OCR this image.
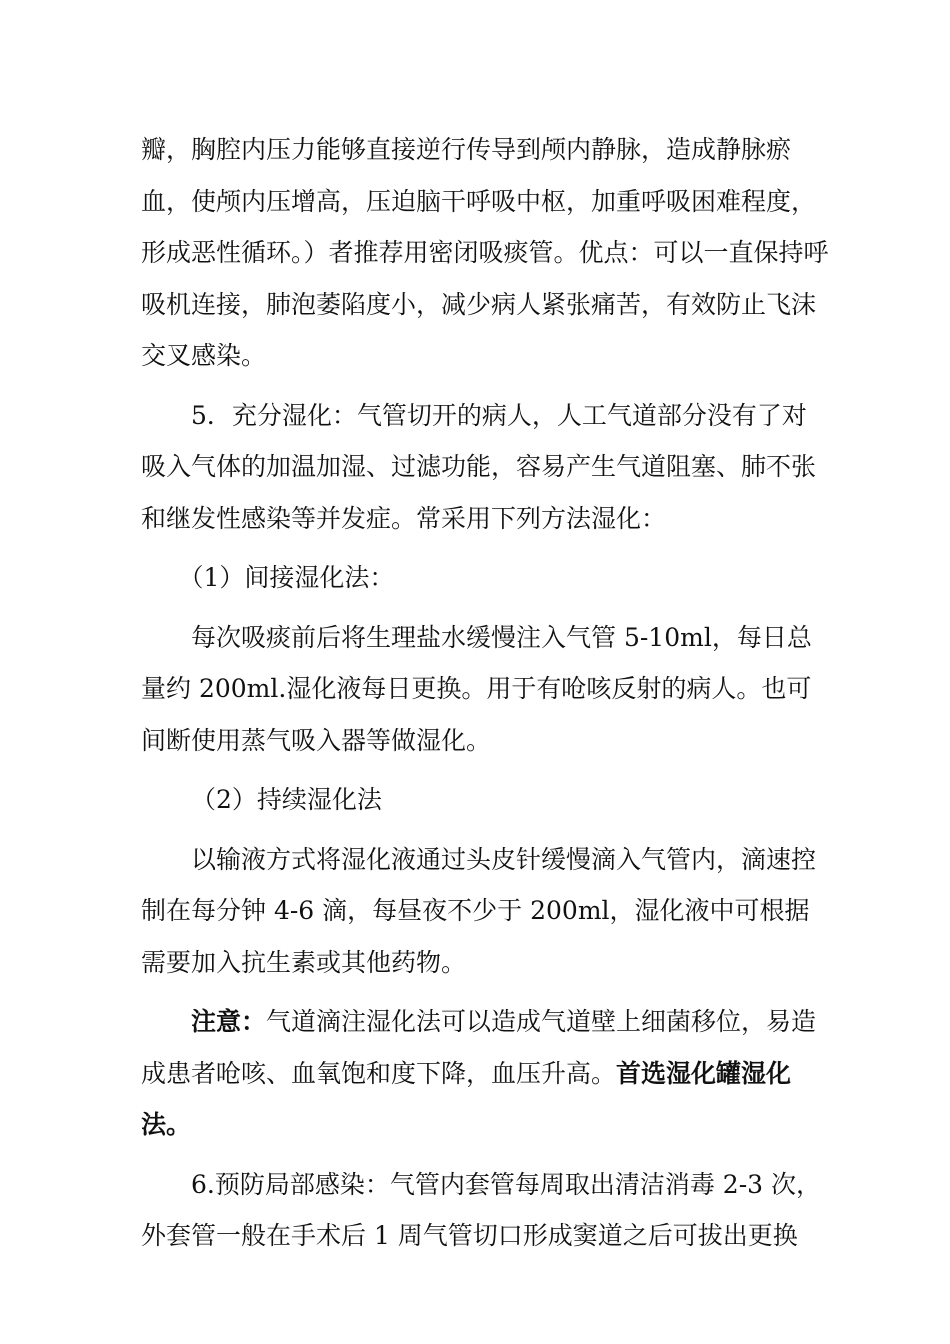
瓣，胸腔内压力能够直接逆行传导到颅内静脉，造成静脉瘀血，使颅内压增高，压迫脑干呼吸中枢，加重呼吸困难程度，形成恶性循环。）者推荐用密闭吸痰管。优点：可以一直保持呼吸机连接，肺泡萎陷度小，减少病人紧张痛苦，有效防止飞沫交叉感染。

5．充分湿化：气管切开的病人，人工气道部分没有了对吸入气体的加温加湿、过滤功能，容易产生气道阻塞、肺不张和继发性感染等并发症。常采用下列方法湿化：

（1）间接湿化法：

每次吸痰前后将生理盐水缓慢注入气管 5-10ml，每日总量约 200ml.湿化液每日更换。用于有呛咳反射的病人。也可间断使用蒸气吸入器等做湿化。

（2）持续湿化法

以输液方式将湿化液通过头皮针缓慢滴入气管内，滴速控制在每分钟 4-6 滴，每昼夜不少于 200ml，湿化液中可根据需要加入抗生素或其他药物。

注意：气道滴注湿化法可以造成气道壁上细菌移位，易造成患者呛咳、血氧饱和度下降，血压升高。首选湿化罐湿化法。

6.预防局部感染：气管内套管每周取出清洁消毒 2-3 次，外套管一般在手术后 1 周气管切口形成窦道之后可拔出更换
